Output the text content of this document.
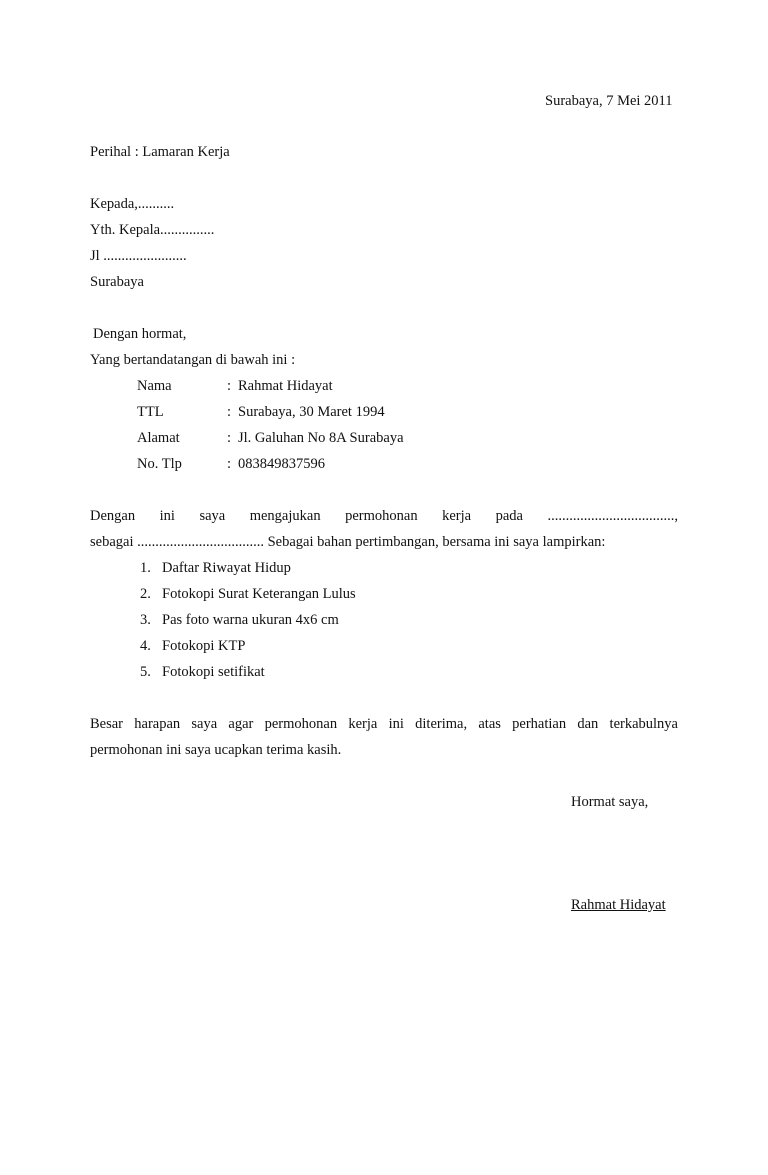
Surabaya, 7 Mei 2011
Perihal : Lamaran Kerja
Kepada,..........
Yth. Kepala...............
Jl .......................
Surabaya
Dengan hormat,
Yang bertandatangan di bawah ini :
Nama	: Rahmat Hidayat
TTL	: Surabaya, 30 Maret 1994
Alamat	: Jl. Galuhan No 8A Surabaya
No. Tlp	: 083849837596
Dengan ini saya mengajukan permohonan kerja pada ...................................,
sebagai ................................... Sebagai bahan pertimbangan, bersama ini saya lampirkan:
1. Daftar Riwayat Hidup
2. Fotokopi Surat Keterangan Lulus
3. Pas foto warna ukuran 4x6 cm
4. Fotokopi KTP
5. Fotokopi setifikat
Besar harapan saya agar permohonan kerja ini diterima, atas perhatian dan terkabulnya
permohonan ini saya ucapkan terima kasih.
Hormat saya,
Rahmat Hidayat
